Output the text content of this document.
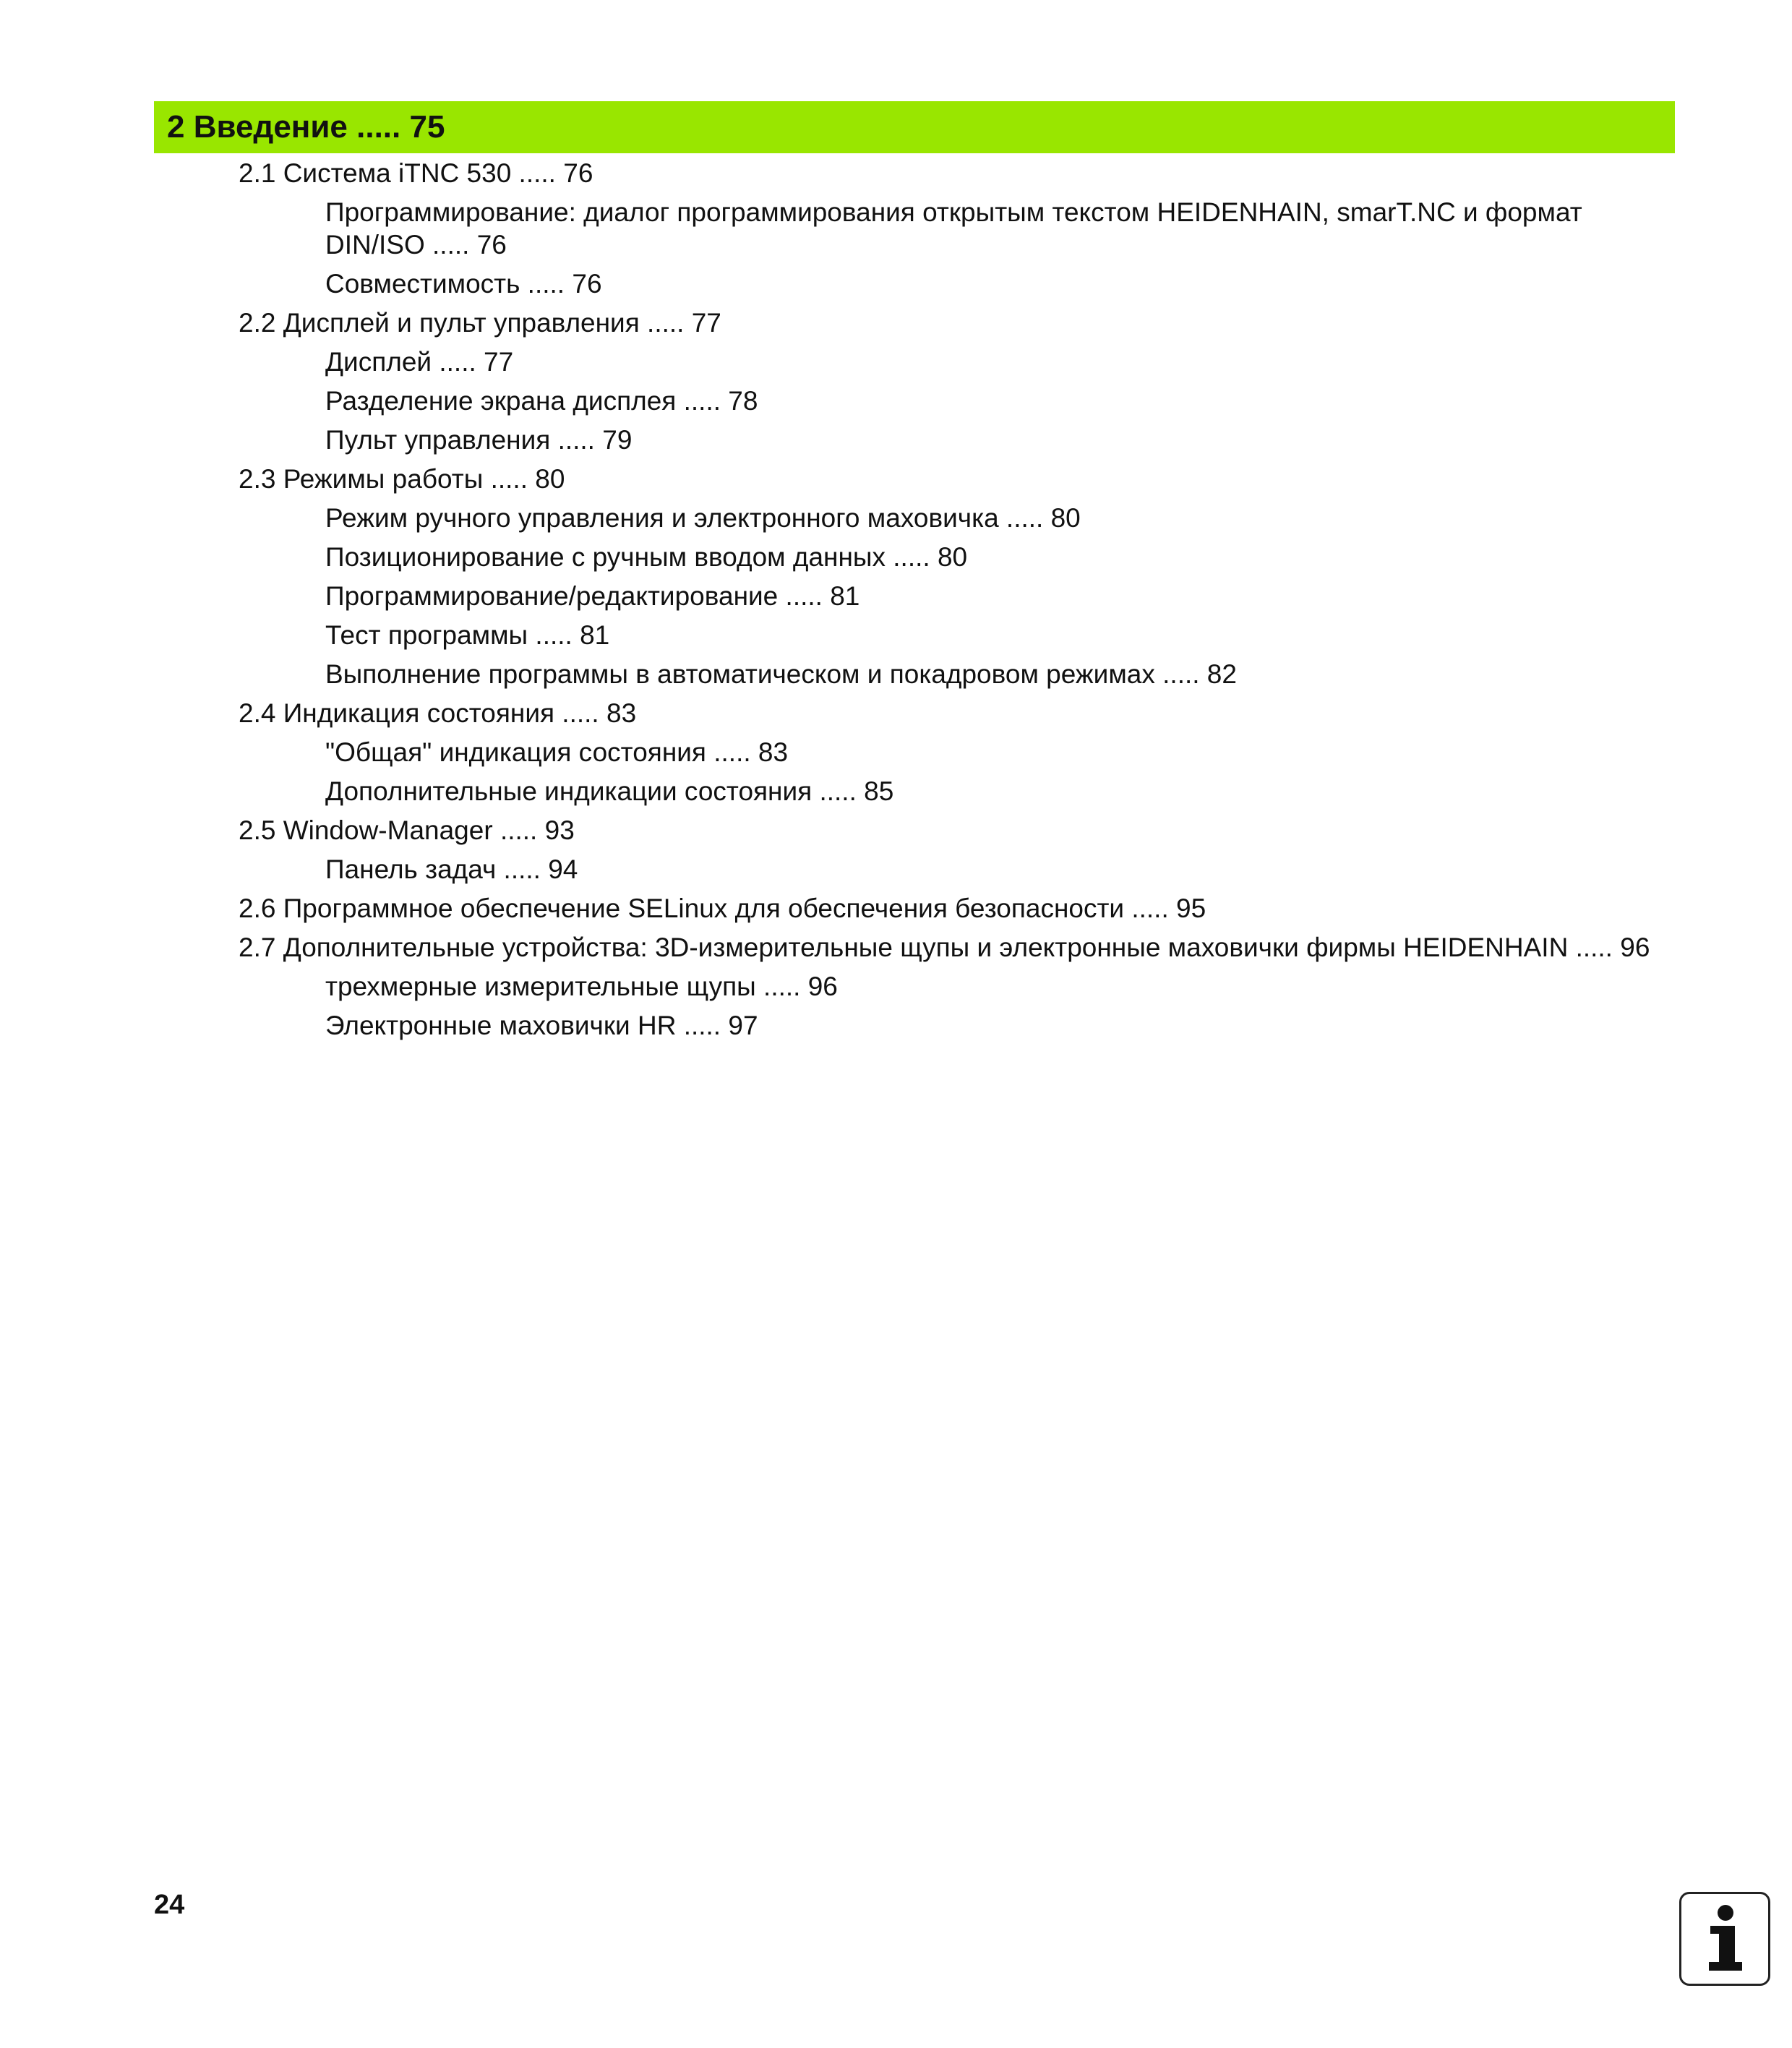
2 Введение ..... 75
2.1 Система iTNC 530 ..... 76
Программирование: диалог программирования открытым текстом HEIDENHAIN, smarT.NC и формат DIN/ISO ..... 76
Совместимость ..... 76
2.2 Дисплей и пульт управления ..... 77
Дисплей ..... 77
Разделение экрана дисплея ..... 78
Пульт управления ..... 79
2.3 Режимы работы ..... 80
Режим ручного управления и электронного маховичка ..... 80
Позиционирование с ручным вводом данных ..... 80
Программирование/редактирование ..... 81
Тест программы ..... 81
Выполнение программы в автоматическом и покадровом режимах ..... 82
2.4 Индикация состояния ..... 83
"Общая" индикация состояния ..... 83
Дополнительные индикации состояния ..... 85
2.5 Window-Manager ..... 93
Панель задач ..... 94
2.6 Программное обеспечение SELinux для обеспечения безопасности ..... 95
2.7 Дополнительные устройства: 3D-измерительные щупы и электронные маховички фирмы HEIDENHAIN ..... 96
трехмерные измерительные щупы ..... 96
Электронные маховички HR ..... 97
24
